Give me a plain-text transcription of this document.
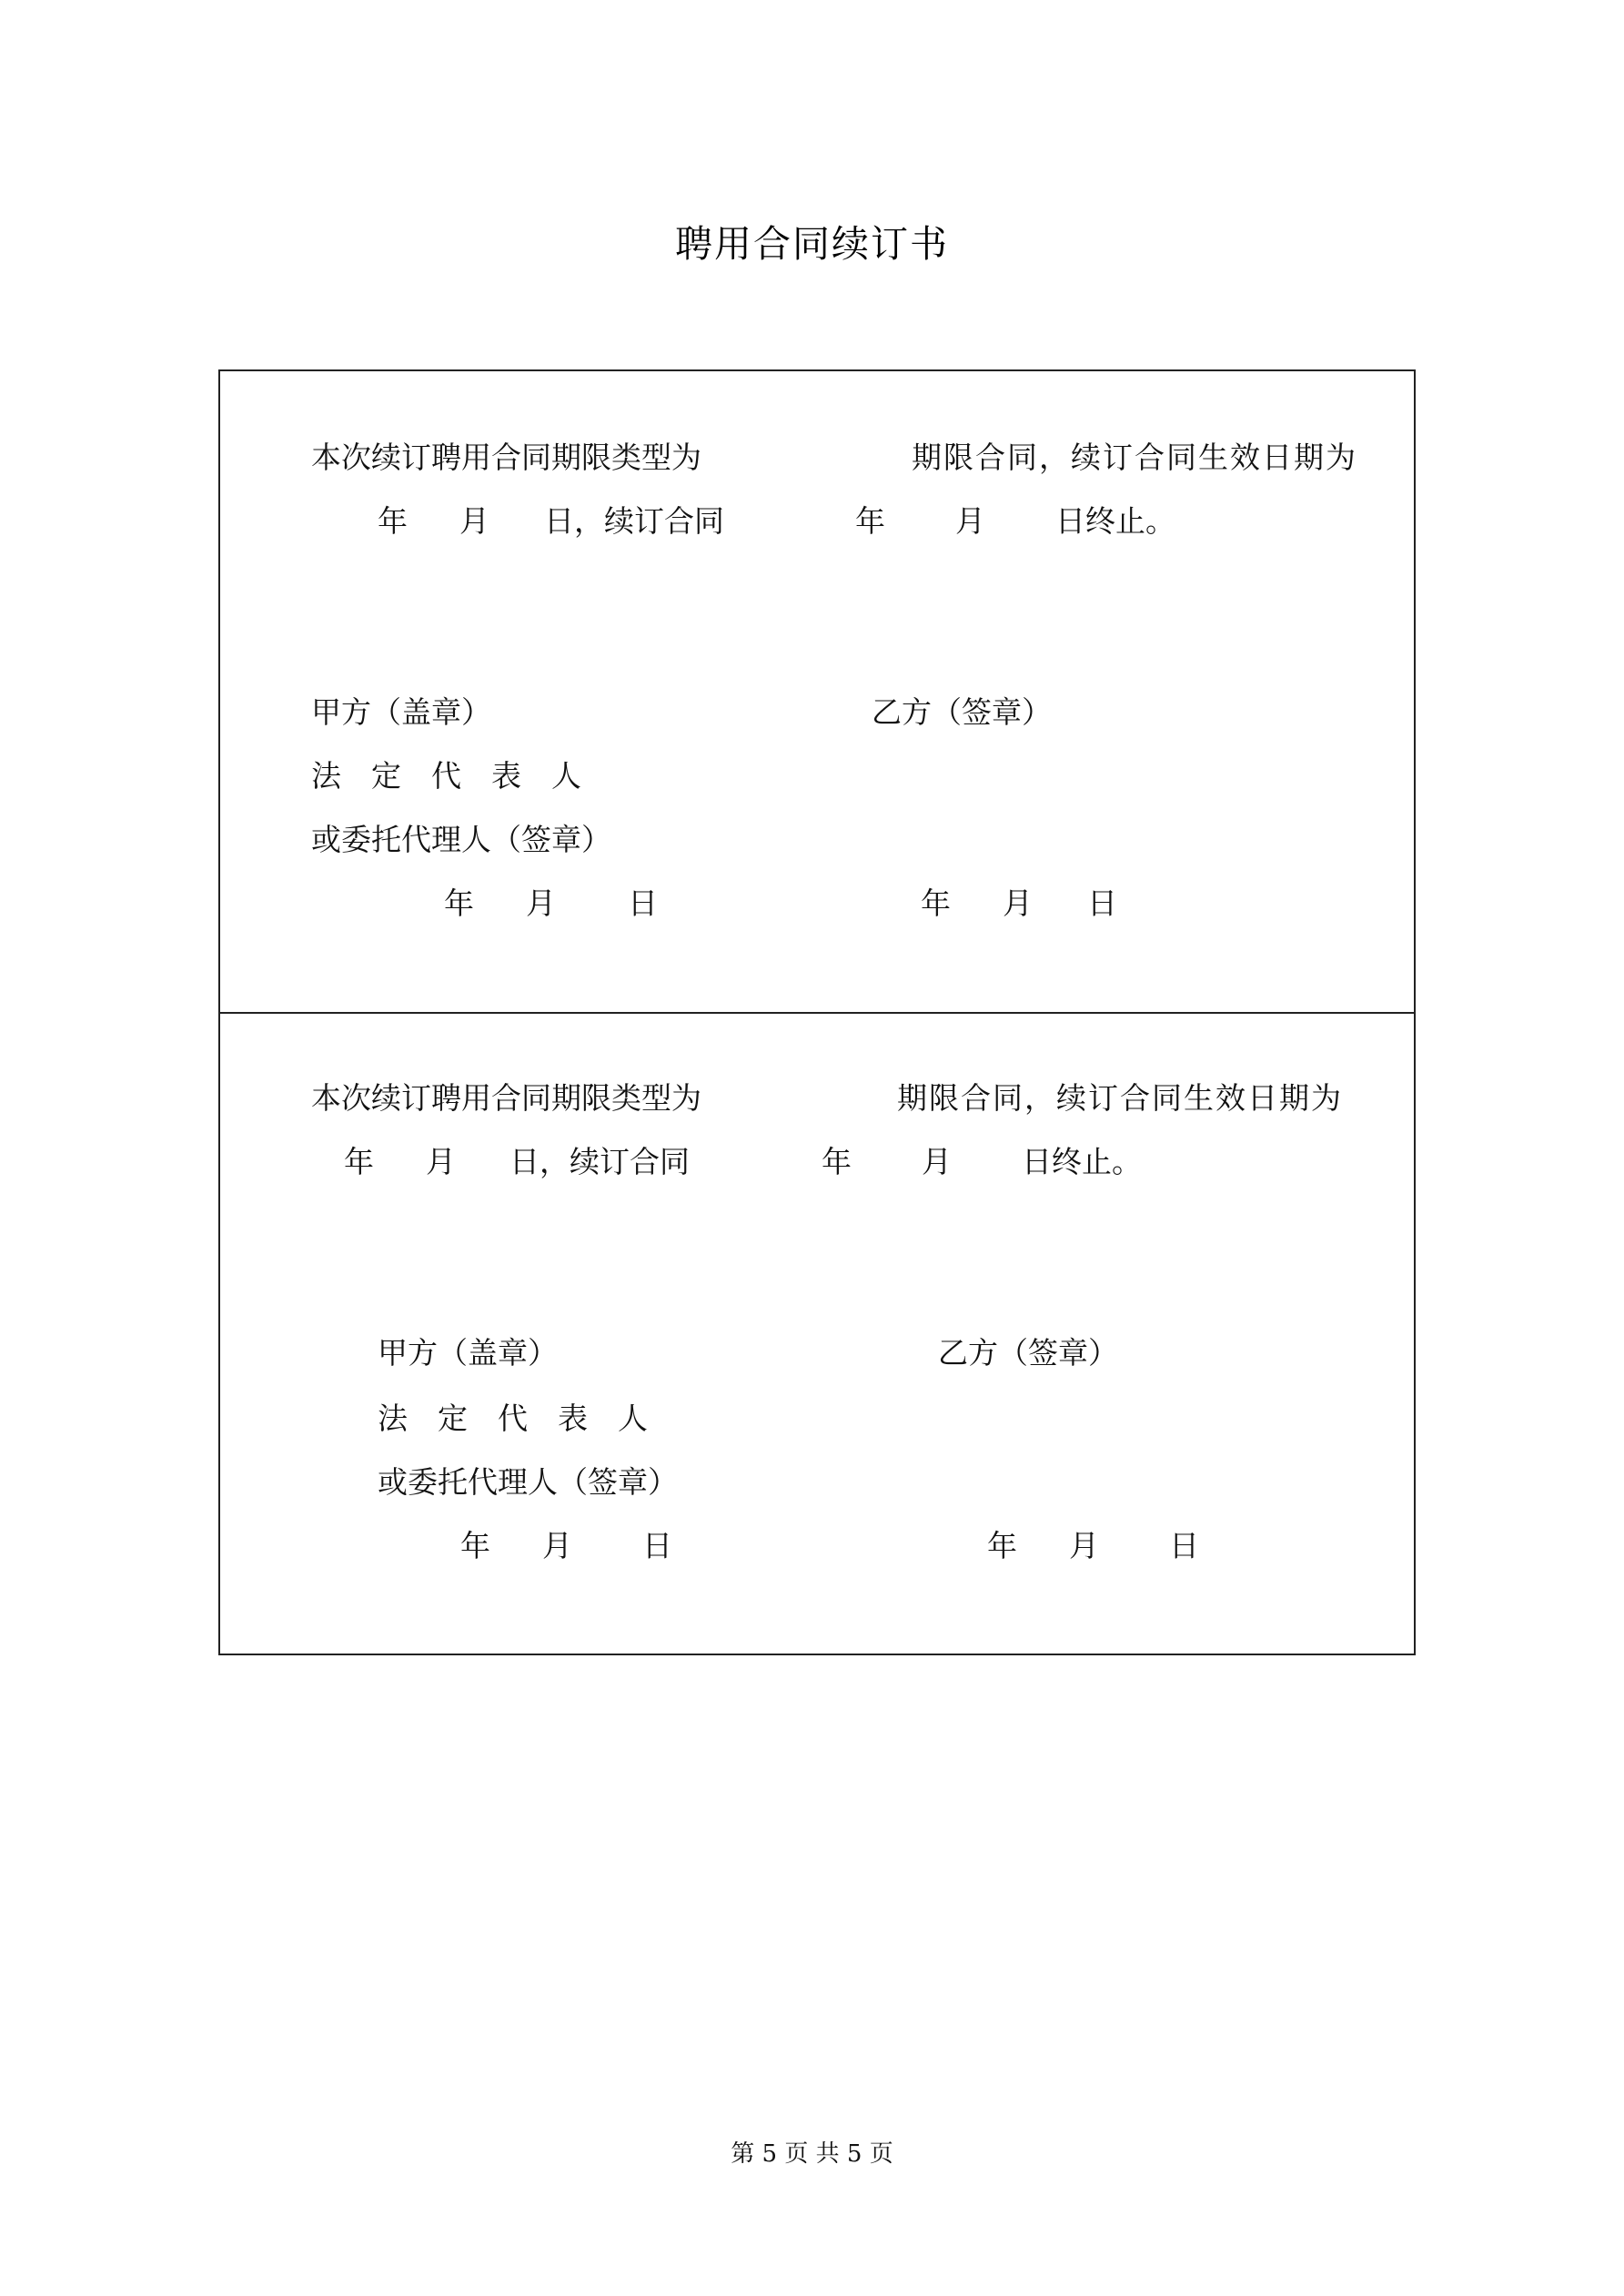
聘用合同续订书
本次续订聘用合同期限类型为	期限合同，续订合同生效日期为
年 月 日，续订合同	年 月 日终止。
甲方（盖章）	乙方（签章）
法　定　代　表　人
或委托代理人（签章）
年 月 日	年 月 日
本次续订聘用合同期限类型为	期限合同，续订合同生效日期为
年 月 日，续订合同	年 月 日终止。
甲方（盖章）	乙方（签章）
法　定　代　表　人
或委托代理人（签章）
年 月 日	年 月 日
第 5 页 共 5 页
